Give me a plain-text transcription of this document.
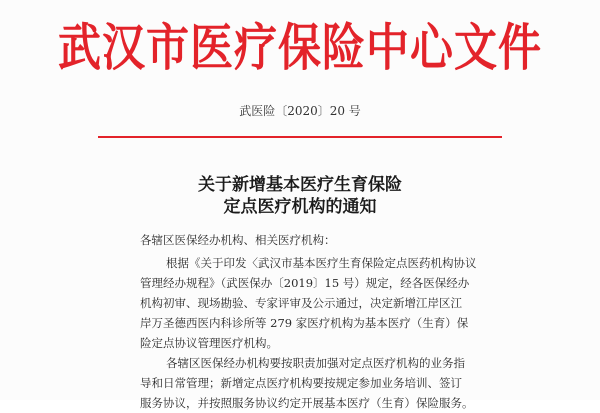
武汉市医疗保险中心文件
武医险〔2020〕20 号
关于新增基本医疗生育保险
定点医疗机构的通知
各辖区医保经办机构、相关医疗机构：
根据《关于印发〈武汉市基本医疗生育保险定点医药机构协议
管理经办规程》（武医保办〔2019〕15 号）规定，经各医保经办
机构初审、现场勘验、专家评审及公示通过，决定新增江岸区江
岸万圣德西医内科诊所等 279 家医疗机构为基本医疗（生育）保
险定点协议管理医疗机构。
各辖区医保经办机构要按职责加强对定点医疗机构的业务指
导和日常管理；新增定点医疗机构要按规定参加业务培训、签订
服务协议，并按照服务协议约定开展基本医疗（生育）保险服务。
